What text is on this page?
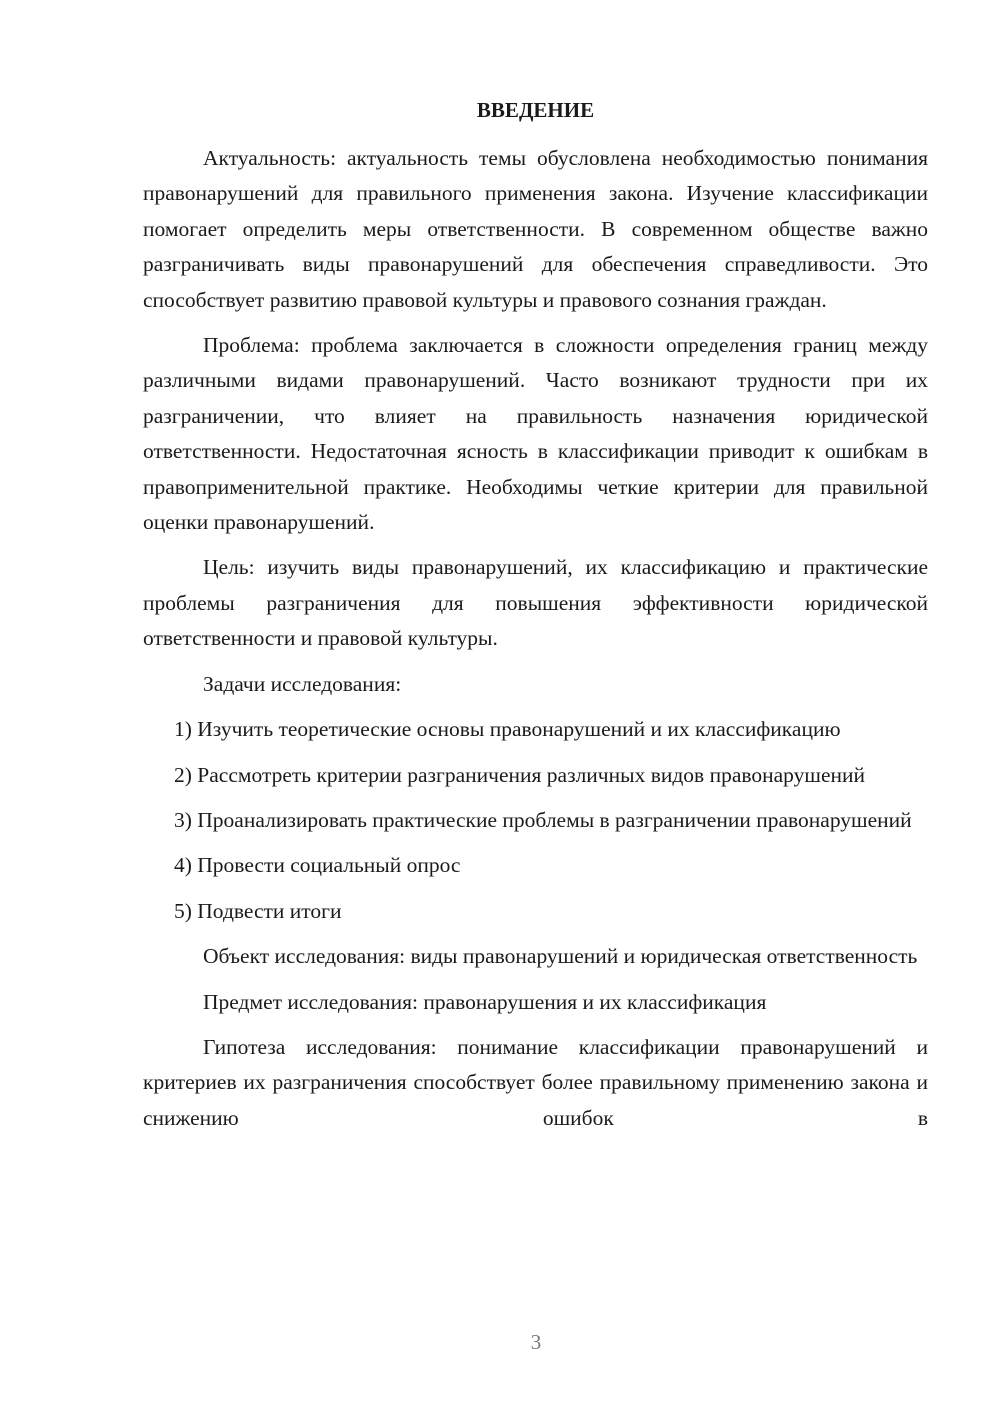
ВВЕДЕНИЕ
Актуальность: актуальность темы обусловлена необходимостью понимания правонарушений для правильного применения закона. Изучение классификации помогает определить меры ответственности. В современном обществе важно разграничивать виды правонарушений для обеспечения справедливости. Это способствует развитию правовой культуры и правового сознания граждан.
Проблема: проблема заключается в сложности определения границ между различными видами правонарушений. Часто возникают трудности при их разграничении, что влияет на правильность назначения юридической ответственности. Недостаточная ясность в классификации приводит к ошибкам в правоприменительной практике. Необходимы четкие критерии для правильной оценки правонарушений.
Цель: изучить виды правонарушений, их классификацию и практические проблемы разграничения для повышения эффективности юридической ответственности и правовой культуры.
Задачи исследования:
1) Изучить теоретические основы правонарушений и их классификацию
2) Рассмотреть критерии разграничения различных видов правонарушений
3) Проанализировать практические проблемы в разграничении правонарушений
4) Провести социальный опрос
5) Подвести итоги
Объект исследования: виды правонарушений и юридическая ответственность
Предмет исследования: правонарушения и их классификация
Гипотеза исследования: понимание классификации правонарушений и критериев их разграничения способствует более правильному применению закона и снижению ошибок в
3
